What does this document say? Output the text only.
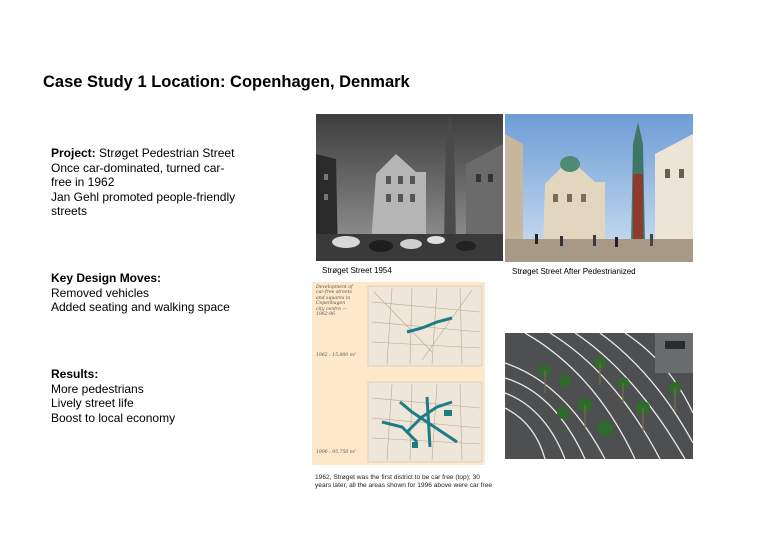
Case Study 1 Location: Copenhagen, Denmark
Project: Strøget Pedestrian Street
Once car-dominated, turned car-free in 1962
Jan Gehl promoted people-friendly streets
Key Design Moves:
Removed vehicles
Added seating and walking space
Results:
More pedestrians
Lively street life
Boost to local economy
Strøget Street 1954	Strøget Street After Pedestrianized
Development of car-free streets and squares in Copenhagen city centre — 1962-96
1962 : 15.800 m²
1996 : 95.750 m²
1962, Strøget was the first district to be car free (top); 30 years later, all the areas shown for 1996 above were car free
